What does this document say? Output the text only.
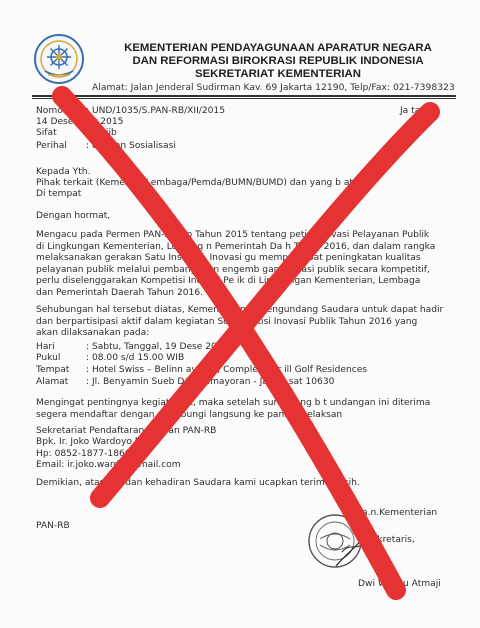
KEMENTERIAN PENDAYAGUNAAN APARATUR NEGARA
DAN REFORMASI BIROKRASI REPUBLIK INDONESIA
SEKRETARIAT KEMENTERIAN
Alamat: Jalan Jenderal Sudirman Kav. 69 Jakarta 12190, Telp/Fax: 021-7398323
Nomor : UND/1035/S.PAN-RB/XII/2015	Ja ta,
14 Desember 2015
Sifat	: Wajib
Perihal : dangan Sosialisasi
Kepada Yth.
Pihak terkait (Kemente /Lembaga/Pemda/BUMN/BUMD) dan yang b at.
Di tempat
Dengan hormat,
Mengacu pada Permen PAN-RB No Tahun 2015 tentang petisi Inovasi Pelayanan Publik
di Lingkungan Kementerian, Lembag n Pemerintah Da h Tahun 2016, dan dalam rangka
melaksanakan gerakan Satu Instansi, Inovasi gu mempercepat peningkatan kualitas
pelayanan publik melalui pembangunan engemb gan inovasi publik secara kompetitif,
perlu diselenggarakan Kompetisi Inovasi Pe ik di Lingkungan Kementerian, Lembaga
dan Pemerintah Daerah Tahun 2016.
Sehubungan hal tersebut diatas, Kementerian B mengundang Saudara untuk dapat hadir
dan berpartisipasi aktif dalam kegiatan So ompetisi Inovasi Publik Tahun 2016 yang
akan dilaksanakan pada:
Hari	: Sabtu, Tanggal, 19 Dese 2015
Pukul	: 08.00 s/d 15.00 WIB
Tempat : Hotel Swiss – Belinn ayoran, Complex Spr ill Golf Residences
Alamat : Jl. Benyamin Sueb D/6, Kemayoran - Jakart sat 10630
Mengingat pentingnya kegiat ebut, maka setelah surat yang b t undangan ini diterima
segera mendaftar dengan m hubungi langsung ke panitia pelaksan
Sekretariat Pendaftaran nterian PAN-RB
Bpk. Ir. Joko Wardoyo N
Hp: 0852-1877-1866
Email: ir.joko.wardoy gmail.com
Demikian, atas per dan kehadiran Saudara kami ucapkan terima kasih.
a.n.Kementerian
PAN-RB
Sekretaris,
Dwi Wahyu Atmaji
